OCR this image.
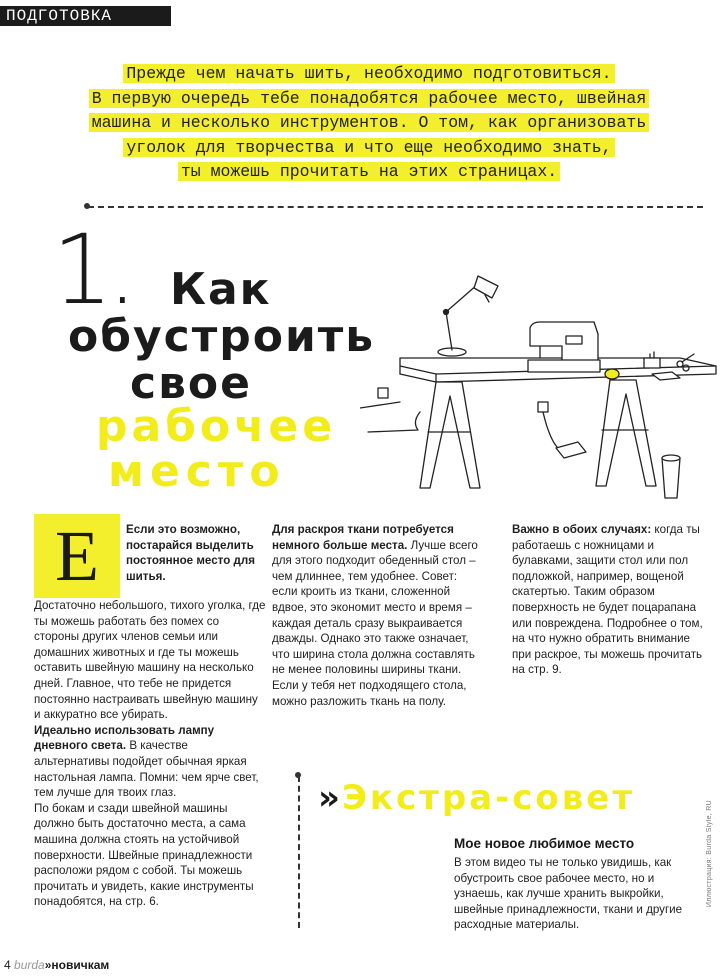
ПОДГОТОВКА
Прежде чем начать шить, необходимо подготовиться.
В первую очередь тебе понадобятся рабочее место, швейная
машина и несколько инструментов. О том, как организовать
уголок для творчества и что еще необходимо знать,
ты можешь прочитать на этих страницах.
1. Как
обустроить
свое
рабочее
место
Е	Если это возможно, постарайся выделить постоянное место для шитья.

Достаточно небольшого, тихого уголка, где ты можешь работать без помех со стороны других членов семьи или домашних животных и где ты можешь оставить швейную машину на несколько дней. Главное, что тебе не придется постоянно настраивать швейную машину и аккуратно все убирать.

Идеально использовать лампу дневного света. В качестве альтернативы подойдет обычная яркая настольная лампа. Помни: чем ярче свет, тем лучше для твоих глаз.

По бокам и сзади швейной машины должно быть достаточно места, а сама машина должна стоять на устойчивой поверхности. Швейные принадлежности расположи рядом с собой. Ты можешь прочитать и увидеть, какие инструменты понадобятся, на стр. 6.

Для раскроя ткани потребуется немного больше места. Лучше всего для этого подходит обеденный стол – чем длиннее, тем удобнее. Совет: если кроить из ткани, сложенной вдвое, это экономит место и время – каждая деталь сразу выкраивается дважды. Однако это также означает, что ширина стола должна составлять не менее половины ширины ткани. Если у тебя нет подходящего стола, можно разложить ткань на полу.

Важно в обоих случаях: когда ты работаешь с ножницами и булавками, защити стол или пол подложкой, например, вощеной скатертью. Таким образом поверхность не будет поцарапана или повреждена. Подробнее о том, на что нужно обратить внимание при раскрое, ты можешь прочитать на стр. 9.

» Экстра-совет
Мое новое любимое место
В этом видео ты не только увидишь, как обустроить свое рабочее место, но и узнаешь, как лучше хранить выкройки, швейные принадлежности, ткани и другие расходные материалы.
Иллюстрация: Burda Style, RU
4 burda»новичкам
